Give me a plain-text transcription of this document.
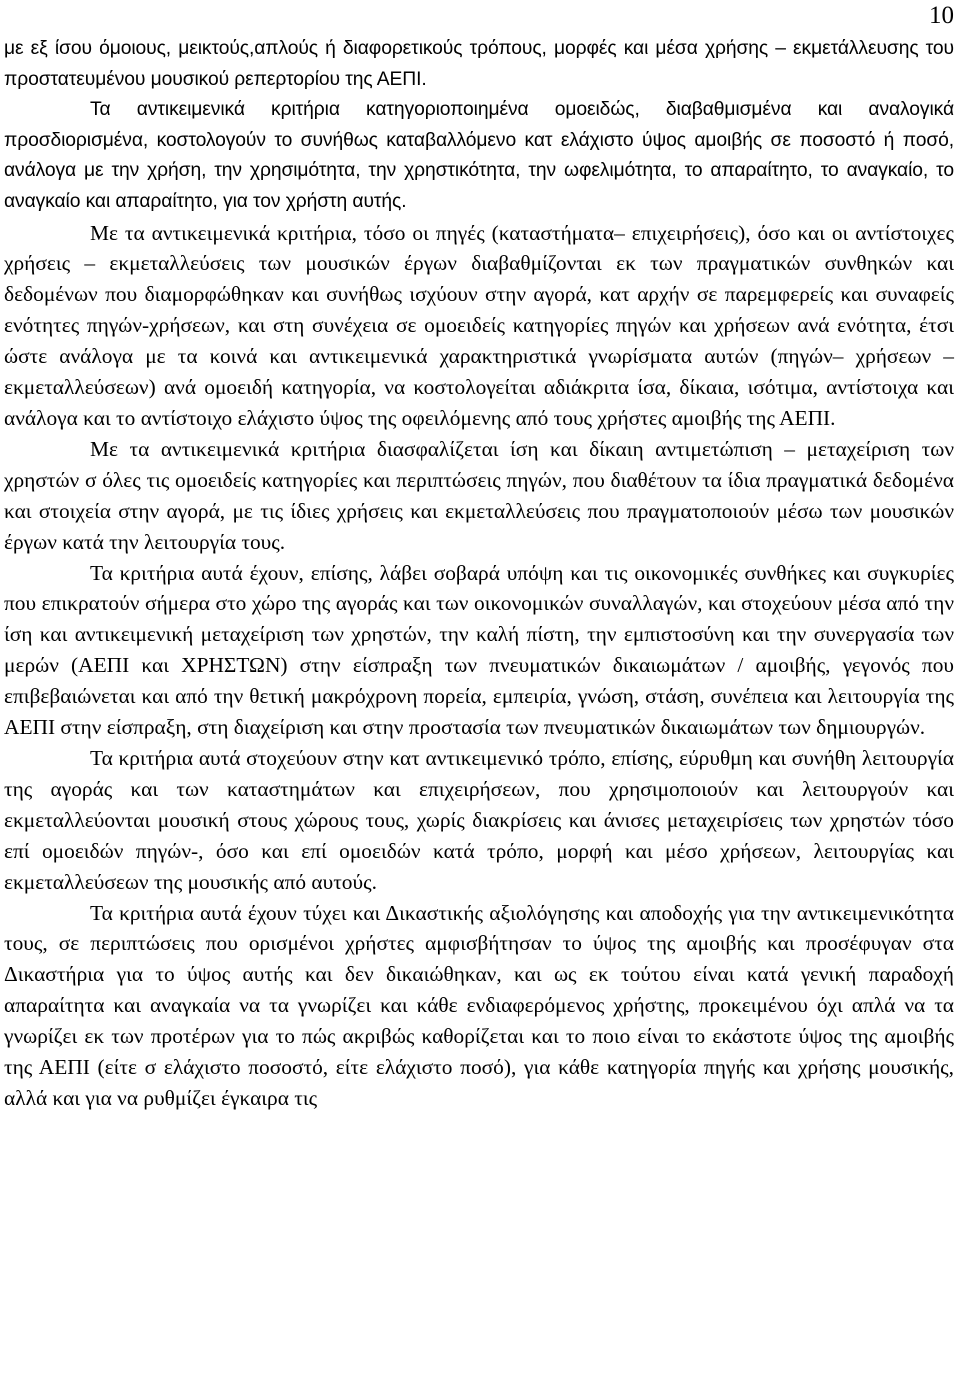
10

με εξ ίσου όμοιους, μεικτούς,απλούς ή διαφορετικούς τρόπους, μορφές και μέσα χρήσης – εκμετάλλευσης του προστατευμένου μουσικού ρεπερτορίου της ΑΕΠΙ.

Τα αντικειμενικά κριτήρια κατηγοριοποιημένα ομοειδώς, διαβαθμισμένα και αναλογικά προσδιορισμένα, κοστολογούν το συνήθως καταβαλλόμενο κατ ελάχιστο ύψος αμοιβής σε ποσοστό ή ποσό, ανάλογα με την χρήση, την χρησιμότητα, την χρηστικότητα, την ωφελιμότητα, το απαραίτητο, το αναγκαίο, το αναγκαίο και απαραίτητο, για τον χρήστη αυτής.

Με τα αντικειμενικά κριτήρια, τόσο οι πηγές (καταστήματα– επιχειρήσεις), όσο και οι αντίστοιχες χρήσεις – εκμεταλλεύσεις των μουσικών έργων διαβαθμίζονται εκ των πραγματικών συνθηκών και δεδομένων που διαμορφώθηκαν και συνήθως ισχύουν στην αγορά, κατ αρχήν σε παρεμφερείς και συναφείς ενότητες πηγών-χρήσεων, και στη συνέχεια σε ομοειδείς κατηγορίες πηγών και χρήσεων ανά ενότητα, έτσι ώστε ανάλογα με τα κοινά και αντικειμενικά χαρακτηριστικά γνωρίσματα αυτών (πηγών– χρήσεων – εκμεταλλεύσεων) ανά ομοειδή κατηγορία, να κοστολογείται αδιάκριτα ίσα, δίκαια, ισότιμα, αντίστοιχα και ανάλογα και το αντίστοιχο ελάχιστο ύψος της οφειλόμενης από τους χρήστες αμοιβής της ΑΕΠΙ.

Με τα αντικειμενικά κριτήρια διασφαλίζεται ίση και δίκαιη αντιμετώπιση – μεταχείριση των χρηστών σ όλες τις ομοειδείς κατηγορίες και περιπτώσεις πηγών, που διαθέτουν τα ίδια πραγματικά δεδομένα και στοιχεία στην αγορά, με τις ίδιες χρήσεις και εκμεταλλεύσεις που πραγματοποιούν μέσω των μουσικών έργων κατά την λειτουργία τους.

Τα κριτήρια αυτά έχουν, επίσης, λάβει σοβαρά υπόψη και τις οικονομικές συνθήκες και συγκυρίες που επικρατούν σήμερα στο χώρο της αγοράς και των οικονομικών συναλλαγών, και στοχεύουν μέσα από την ίση και αντικειμενική μεταχείριση των χρηστών, την καλή πίστη, την εμπιστοσύνη και την συνεργασία των μερών (ΑΕΠΙ και ΧΡΗΣΤΩΝ) στην είσπραξη των πνευματικών δικαιωμάτων / αμοιβής, γεγονός που επιβεβαιώνεται και από την θετική μακρόχρονη πορεία, εμπειρία, γνώση, στάση, συνέπεια και λειτουργία της ΑΕΠΙ στην είσπραξη, στη διαχείριση και στην προστασία των πνευματικών δικαιωμάτων των δημιουργών.

Τα κριτήρια αυτά στοχεύουν στην κατ αντικειμενικό τρόπο, επίσης, εύρυθμη και συνήθη λειτουργία της αγοράς και των καταστημάτων και επιχειρήσεων, που χρησιμοποιούν και λειτουργούν και εκμεταλλεύονται μουσική στους χώρους τους, χωρίς διακρίσεις και άνισες μεταχειρίσεις των χρηστών τόσο επί ομοειδών πηγών-, όσο και επί ομοειδών κατά τρόπο, μορφή και μέσο χρήσεων, λειτουργίας και εκμεταλλεύσεων της μουσικής από αυτούς.

Τα κριτήρια αυτά έχουν τύχει και Δικαστικής αξιολόγησης και αποδοχής για την αντικειμενικότητα τους, σε περιπτώσεις που ορισμένοι χρήστες αμφισβήτησαν το ύψος της αμοιβής και προσέφυγαν στα Δικαστήρια για το ύψος αυτής και δεν δικαιώθηκαν, και ως εκ τούτου είναι κατά γενική παραδοχή απαραίτητα και αναγκαία να τα γνωρίζει και κάθε ενδιαφερόμενος χρήστης, προκειμένου όχι απλά να τα γνωρίζει εκ των προτέρων για το πώς ακριβώς καθορίζεται και το ποιο είναι το εκάστοτε ύψος της αμοιβής της ΑΕΠΙ (είτε σ ελάχιστο ποσοστό, είτε ελάχιστο ποσό), για κάθε κατηγορία πηγής και χρήσης μουσικής, αλλά και για να ρυθμίζει έγκαιρα τις
